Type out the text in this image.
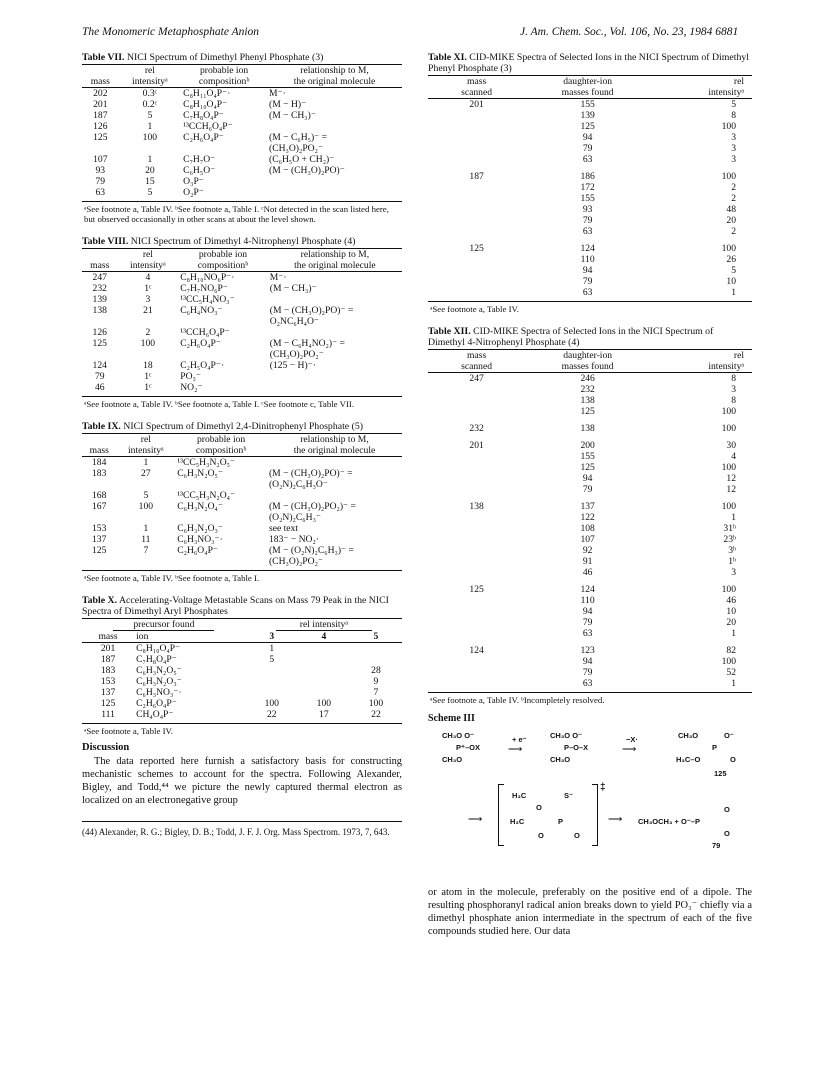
The Monomeric Metaphosphate Anion	J. Am. Chem. Soc., Vol. 106, No. 23, 1984 6881
Table VII. NICI Spectrum of Dimethyl Phenyl Phosphate (3)
	rel	probable ion	relationship to M,
mass	intensityᵃ	compositionᵇ	the original molecule
202	0.3ᶜ	C₈H₁₁O₄P⁻·	M⁻·
201	0.2ᶜ	C₈H₁₀O₄P⁻	(M − H)⁻
187	5	C₇H₈O₄P⁻	(M − CH₃)⁻
126	1	¹³CCH₆O₄P⁻	
125	100	C₂H₆O₄P⁻	(M − C₆H₅)⁻ =
			(CH₃O)₂PO₂⁻
107	1	C₇H₇O⁻	(C₆H₅O + CH₂)⁻
93	20	C₆H₅O⁻	(M − (CH₃O)₂PO)⁻
79	15	O₃P⁻	
63	5	O₂P⁻	
ᵃSee footnote a, Table IV. ᵇSee footnote a, Table I. ᶜNot detected in the scan listed here, but observed occasionally in other scans at about the level shown.			
Table VIII. NICI Spectrum of Dimethyl 4-Nitrophenyl Phosphate (4)
	rel	probable ion	relationship to M,
mass	intensityᵃ	compositionᵇ	the original molecule
247	4	C₈H₁₀NO₆P⁻·	M⁻·
232	1ᶜ	C₇H₇NO₆P⁻	(M − CH₃)⁻
139	3	¹³CC₅H₄NO₃⁻	
138	21	C₆H₄NO₃⁻	(M − (CH₃O)₂PO)⁻ =
			O₂NC₆H₄O⁻
126	2	¹³CCH₆O₄P⁻	
125	100	C₂H₆O₄P⁻	(M − C₆H₄NO₂)⁻ =
			(CH₃O)₂PO₂⁻
124	18	C₂H₅O₄P⁻·	(125 − H)⁻·
79	1ᶜ	PO₃⁻	
46	1ᶜ	NO₂⁻	
ᵃSee footnote a, Table IV. ᵇSee footnote a, Table I. ᶜSee footnote c, Table VII.			
Table IX. NICI Spectrum of Dimethyl 2,4-Dinitrophenyl Phosphate (5)
	rel	probable ion	relationship to M,
mass	intensityᵃ	compositionᵇ	the original molecule
184	1	¹³CC₅H₃N₂O₅⁻	
183	27	C₆H₃N₂O₅⁻	(M − (CH₃O)₂PO)⁻ =
			(O₂N)₂C₆H₃O⁻
168	5	¹³CC₅H₃N₂O₄⁻	
167	100	C₆H₃N₂O₄⁻	(M − (CH₃O)₂PO₂)⁻ =
			(O₂N)₂C₆H₃⁻
153	1	C₆H₃N₂O₃⁻	see text
137	11	C₆H₃NO₃⁻·	183⁻ − NO₂·
125	7	C₂H₆O₄P⁻	(M − (O₂N)₂C₆H₃)⁻ =
			(CH₃O)₂PO₂⁻
ᵃSee footnote a, Table IV. ᵇSee footnote a, Table I.			
Table X. Accelerating-Voltage Metastable Scans on Mass 79 Peak in the NICI Spectra of Dimethyl Aryl Phosphates
precursor found		rel intensityᵃ		
mass	ion	3	4	5
201	C₈H₁₀O₄P⁻	1		
187	C₇H₈O₄P⁻	5		
183	C₆H₃N₂O₅⁻			28
153	C₆H₃N₂O₃⁻			9
137	C₆H₃NO₃⁻·			7
125	C₂H₆O₄P⁻	100	100	100
111	CH₄O₄P⁻	22	17	22
ᵃSee footnote a, Table IV.				
Discussion
The data reported here furnish a satisfactory basis for constructing mechanistic schemes to account for the spectra. Following Alexander, Bigley, and Todd,⁴⁴ we picture the newly captured thermal electron as localized on an electronegative group
(44) Alexander, R. G.; Bigley, D. B.; Todd, J. F. J. Org. Mass Spectrom. 1973, 7, 643.
Table XI. CID-MIKE Spectra of Selected Ions in the NICI Spectrum of Dimethyl Phenyl Phosphate (3)
mass	daughter-ion	rel
scanned	masses found	intensityᵃ
201	155	5
	139	8
	125	100
	94	3
	79	3
	63	3
187	186	100
	172	2
	155	2
	93	48
	79	20
	63	2
125	124	100
	110	26
	94	5
	79	10
	63	1
ᵃSee footnote a, Table IV.		
Table XII. CID-MIKE Spectra of Selected Ions in the NICI Spectrum of Dimethyl 4-Nitrophenyl Phosphate (4)
mass	daughter-ion	rel
scanned	masses found	intensityᵃ
247	246	8
	232	3
	138	8
	125	100
232	138	100
201	200	30
	155	4
	125	100
	94	12
	79	12
138	137	100
	122	1
	108	31ᵇ
	107	23ᵇ
	92	3ᵇ
	91	1ᵇ
	46	3
125	124	100
	110	46
	94	10
	79	20
	63	1
124	123	82
	94	100
	79	52
	63	1
ᵃSee footnote a, Table IV. ᵇIncompletely resolved.		
Scheme III
CH₃O O⁻
P⁺–OX
CH₃O
+ e⁻
⟶
CH₃O O⁻
P–O–X
CH₃O
−X·
⟶
CH₃O
P
H₃C–O	O
O⁻
125
⟶
H₃C
O
S⁻
H₃C	P
O	O
‡
⟶ CH₃OCH₃ + O⁻–P
O
O
79
or atom in the molecule, preferably on the positive end of a dipole. The resulting phosphoranyl radical anion breaks down to yield PO₃⁻ chiefly via a dimethyl phosphate anion intermediate in the spectrum of each of the five compounds studied here. Our data
